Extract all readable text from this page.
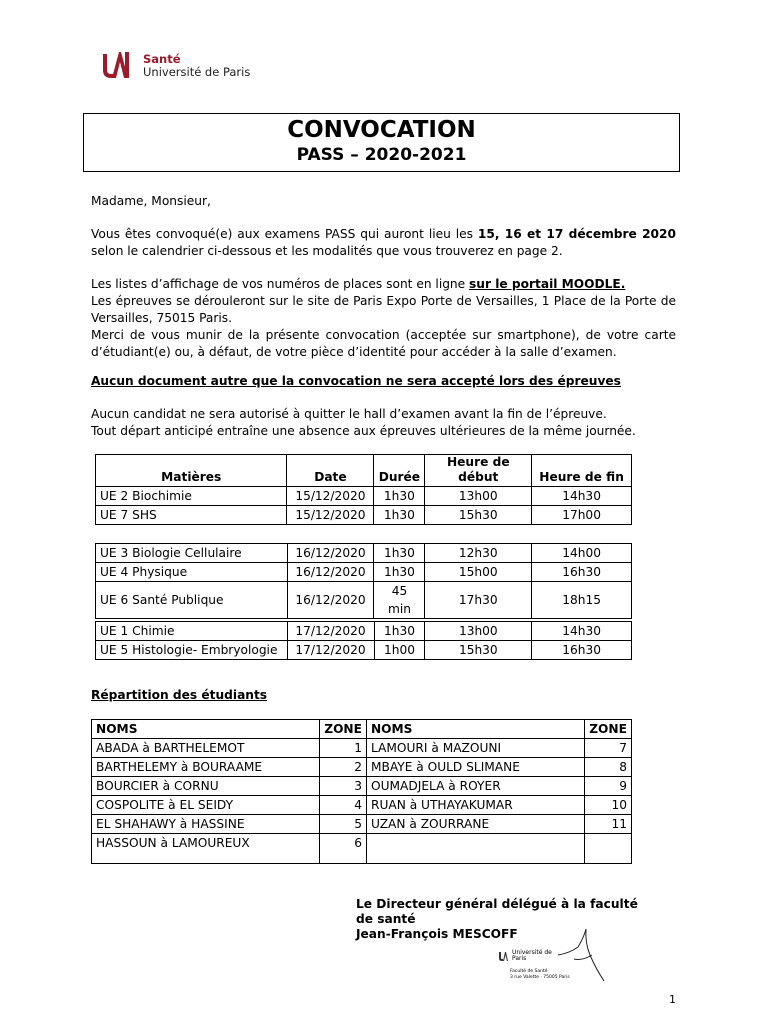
Santé
Université de Paris
CONVOCATION
PASS – 2020-2021
Madame, Monsieur,
Vous êtes convoqué(e) aux examens PASS qui auront lieu les 15, 16 et 17 décembre 2020 selon le calendrier ci-dessous et les modalités que vous trouverez en page 2.
Les listes d’affichage de vos numéros de places sont en ligne sur le portail MOODLE.
Les épreuves se dérouleront sur le site de Paris Expo Porte de Versailles, 1 Place de la Porte de Versailles, 75015 Paris.
Merci de vous munir de la présente convocation (acceptée sur smartphone), de votre carte d’étudiant(e) ou, à défaut, de votre pièce d’identité pour accéder à la salle d’examen.
Aucun document autre que la convocation ne sera accepté lors des épreuves
Aucun candidat ne sera autorisé à quitter le hall d’examen avant la fin de l’épreuve.
Tout départ anticipé entraîne une absence aux épreuves ultérieures de la même journée.
Matières	Date	Durée	Heure de début	Heure de fin
UE 2 Biochimie	15/12/2020	1h30	13h00	14h30
UE 7 SHS	15/12/2020	1h30	15h30	17h00
UE 3 Biologie Cellulaire	16/12/2020	1h30	12h30	14h00
UE 4 Physique	16/12/2020	1h30	15h00	16h30
UE 6 Santé Publique	16/12/2020	45 min	17h30	18h15
UE 1 Chimie	17/12/2020	1h30	13h00	14h30
UE 5 Histologie- Embryologie	17/12/2020	1h00	15h30	16h30
Répartition des étudiants
NOMS	ZONE	NOMS	ZONE
ABADA à BARTHELEMOT	1	LAMOURI à MAZOUNI	7
BARTHELEMY à BOURAAME	2	MBAYE à OULD SLIMANE	8
BOURCIER à CORNU	3	OUMADJELA à ROYER	9
COSPOLITE à EL SEIDY	4	RUAN à UTHAYAKUMAR	10
EL SHAHAWY à HASSINE	5	UZAN à ZOURRANE	11
HASSOUN à LAMOUREUX	6		
Le Directeur général délégué à la faculté de santé
Jean-François MESCOFF
Université de Paris
Faculté de Santé
3 rue Valette · 75005 Paris
1
